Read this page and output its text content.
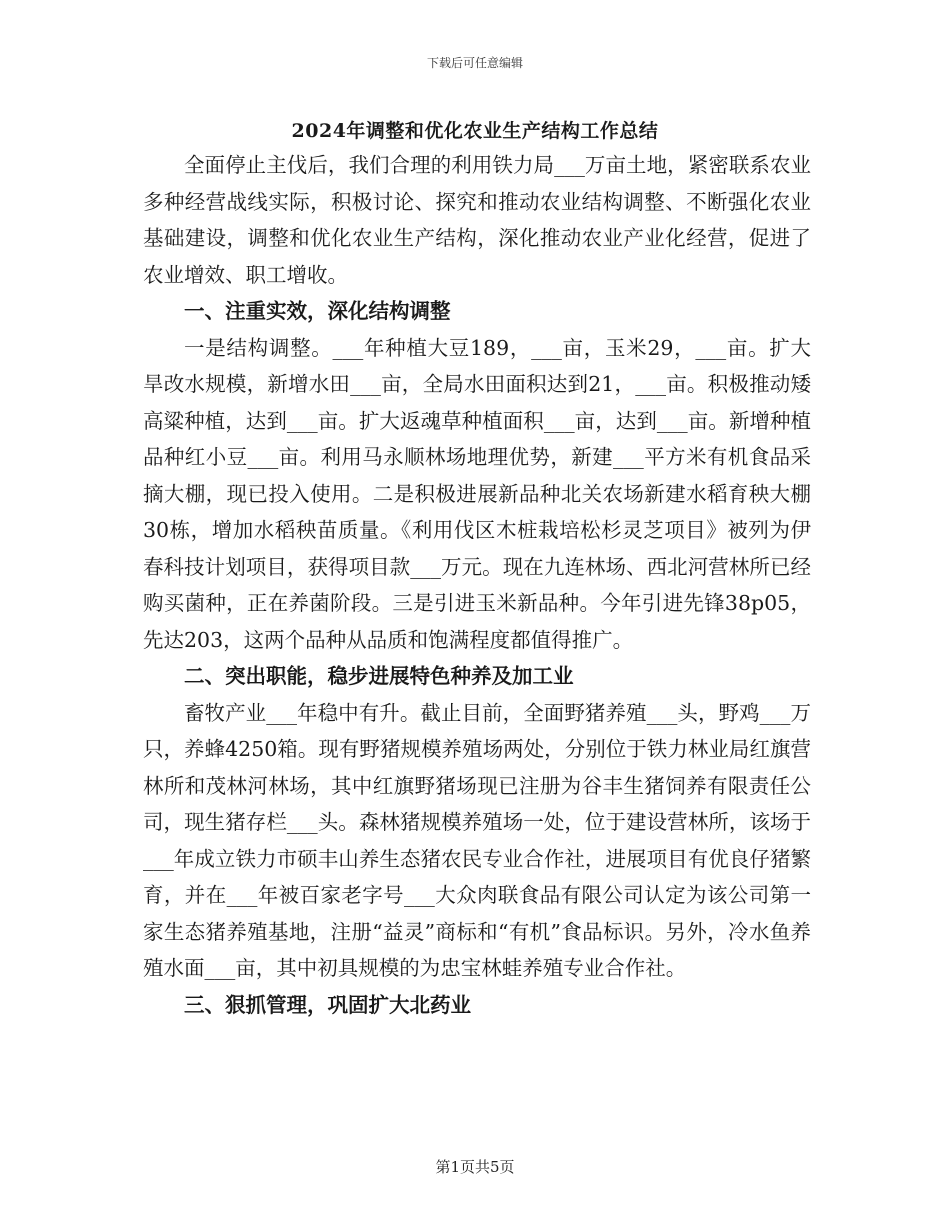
下载后可任意编辑
2024年调整和优化农业生产结构工作总结

全面停止主伐后，我们合理的利用铁力局___万亩土地，紧密联系农业多种经营战线实际，积极讨论、探究和推动农业结构调整、不断强化农业基础建设，调整和优化农业生产结构，深化推动农业产业化经营，促进了农业增效、职工增收。

一、注重实效，深化结构调整

一是结构调整。___年种植大豆189，___亩，玉米29，___亩。扩大旱改水规模，新增水田___亩，全局水田面积达到21，___亩。积极推动矮高粱种植，达到___亩。扩大返魂草种植面积___亩，达到___亩。新增种植品种红小豆___亩。利用马永顺林场地理优势，新建___平方米有机食品采摘大棚，现已投入使用。二是积极进展新品种北关农场新建水稻育秧大棚30栋，增加水稻秧苗质量。《利用伐区木桩栽培松杉灵芝项目》被列为伊春科技计划项目，获得项目款___万元。现在九连林场、西北河营林所已经购买菌种，正在养菌阶段。三是引进玉米新品种。今年引进先锋38p05，先达203，这两个品种从品质和饱满程度都值得推广。

二、突出职能，稳步进展特色种养及加工业

畜牧产业___年稳中有升。截止目前，全面野猪养殖___头，野鸡___万只，养蜂4250箱。现有野猪规模养殖场两处，分别位于铁力林业局红旗营林所和茂林河林场，其中红旗野猪场现已注册为谷丰生猪饲养有限责任公司，现生猪存栏___头。森林猪规模养殖场一处，位于建设营林所，该场于___年成立铁力市硕丰山养生态猪农民专业合作社，进展项目有优良仔猪繁育，并在___年被百家老字号___大众肉联食品有限公司认定为该公司第一家生态猪养殖基地，注册“益灵”商标和“有机”食品标识。另外，冷水鱼养殖水面___亩，其中初具规模的为忠宝林蛙养殖专业合作社。

三、狠抓管理，巩固扩大北药业

第1页共5页
